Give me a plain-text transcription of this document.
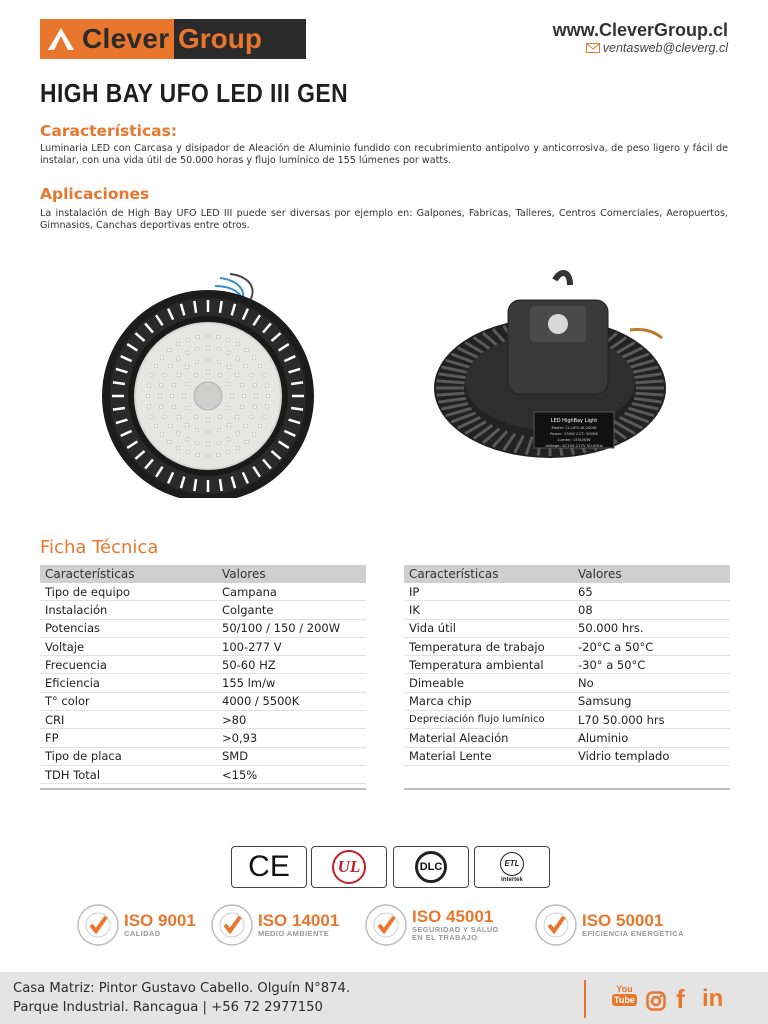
Clever Group	www.CleverGroup.cl
ventasweb@cleverg.cl
HIGH BAY UFO LED III GEN
Características:
Luminaria LED con Carcasa y disipador de Aleación de Aluminio fundido con recubrimiento antipolvo y anticorrosiva, de peso ligero y fácil de instalar, con una vida útil de 50.000 horas y flujo lumínico de 155 lúmenes por watts.
Aplicaciones
La instalación de High Bay UFO LED III puede ser diversas por ejemplo en: Galpones, Fabricas, Talleres, Centros Comerciales, Aeropuertos, Gimnasios, Canchas deportivas entre otros.
LED HighBay Light
Model: CL-UFO-III-200W
Power: 150W CCT: 5000K
Lumen: 155LM/W
Voltage: AC100-277V 50-60Hz
Ficha Técnica
Características	Valores
Tipo de equipo	Campana
Instalación	Colgante
Potencias	50/100 / 150 / 200W
Voltaje	100-277 V
Frecuencia	50-60 HZ
Eficiencia	155 lm/w
T° color	4000 / 5500K
CRI	>80
FP	>0,93
Tipo de placa	SMD
TDH Total	<15%
Características	Valores
IP	65
IK	08
Vida útil	50.000 hrs.
Temperatura de trabajo	-20°C a 50°C
Temperatura ambiental	-30° a 50°C
Dimeable	No
Marca chip	Samsung
Depreciación flujo lumínico	L70 50.000 hrs
Material Aleación	Aluminio
Material Lente	Vidrio templado
CE	UL	DLC	ETL
Intertek
ISO 9001
CALIDAD
ISO 14001
MEDIO AMBIENTE
ISO 45001
SEGURIDAD Y SALUD
EN EL TRABAJO
ISO 50001
EFICIENCIA ENERGÉTICA
Casa Matriz: Pintor Gustavo Cabello. Olguín N°874.
Parque Industrial. Rancagua | +56 72 2977150
You
Tube f in
